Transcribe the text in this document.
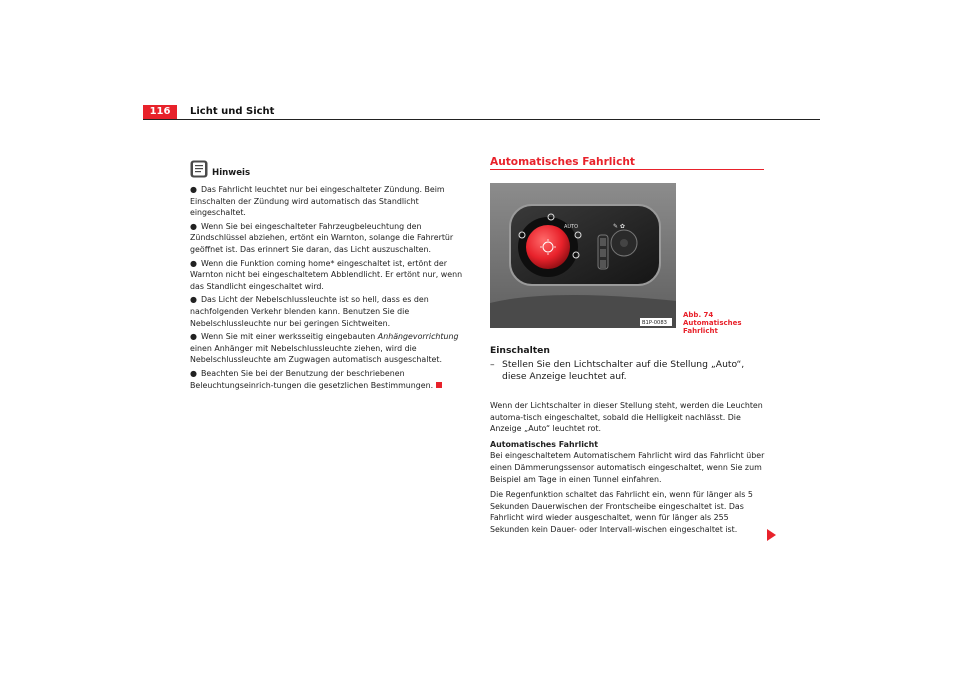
116	Licht und Sicht
Hinweis

● Das Fahrlicht leuchtet nur bei eingeschalteter Zündung. Beim Einschalten der Zündung wird automatisch das Standlicht eingeschaltet.

● Wenn Sie bei eingeschalteter Fahrzeugbeleuchtung den Zündschlüssel abziehen, ertönt ein Warnton, solange die Fahrertür geöffnet ist. Das erinnert Sie daran, das Licht auszuschalten.

● Wenn die Funktion coming home* eingeschaltet ist, ertönt der Warnton nicht bei eingeschaltetem Abblendlicht. Er ertönt nur, wenn das Standlicht eingeschaltet wird.

● Das Licht der Nebelschlussleuchte ist so hell, dass es den nachfolgenden Verkehr blenden kann. Benutzen Sie die Nebelschlussleuchte nur bei geringen Sichtweiten.

● Wenn Sie mit einer werksseitig eingebauten Anhängevorrichtung einen Anhänger mit Nebelschlussleuchte ziehen, wird die Nebelschlussleuchte am Zugwagen automatisch ausgeschaltet.

● Beachten Sie bei der Benutzung der beschriebenen Beleuchtungseinrich-tungen die gesetzlichen Bestimmungen.

Automatisches Fahrlicht
AUTO	✎ ✿
B1P-0083
Abb. 74 Automatisches Fahrlicht
Einschalten
– Stellen Sie den Lichtschalter auf die Stellung „Auto“, diese Anzeige leuchtet auf.

Wenn der Lichtschalter in dieser Stellung steht, werden die Leuchten automa-tisch eingeschaltet, sobald die Helligkeit nachlässt. Die Anzeige „Auto“ leuchtet rot.

Automatisches Fahrlicht

Bei eingeschaltetem Automatischem Fahrlicht wird das Fahrlicht über einen Dämmerungssensor automatisch eingeschaltet, wenn Sie zum Beispiel am Tage in einen Tunnel einfahren.

Die Regenfunktion schaltet das Fahrlicht ein, wenn für länger als 5 Sekunden Dauerwischen der Frontscheibe eingeschaltet ist. Das Fahrlicht wird wieder ausgeschaltet, wenn für länger als 255 Sekunden kein Dauer- oder Intervall-wischen eingeschaltet ist.
